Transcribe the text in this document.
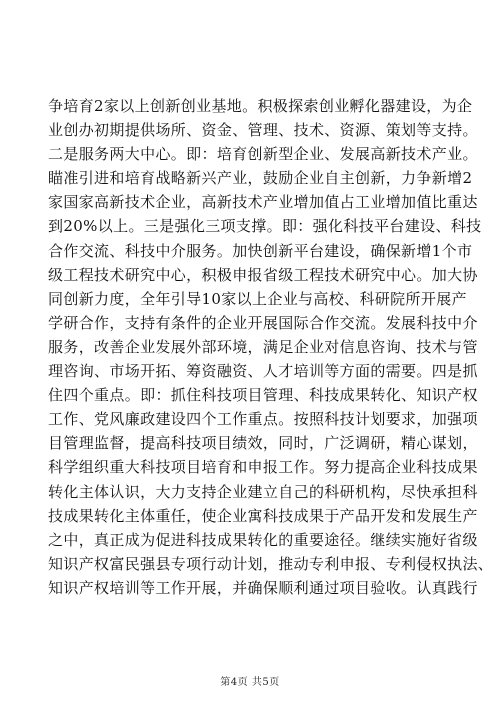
争培育2家以上创新创业基地。积极探索创业孵化器建设，为企
业创办初期提供场所、资金、管理、技术、资源、策划等支持。
二是服务两大中心。即：培育创新型企业、发展高新技术产业。
瞄准引进和培育战略新兴产业，鼓励企业自主创新，力争新增2
家国家高新技术企业，高新技术产业增加值占工业增加值比重达
到20%以上。三是强化三项支撑。即：强化科技平台建设、科技
合作交流、科技中介服务。加快创新平台建设，确保新增1个市
级工程技术研究中心，积极申报省级工程技术研究中心。加大协
同创新力度，全年引导10家以上企业与高校、科研院所开展产
学研合作，支持有条件的企业开展国际合作交流。发展科技中介
服务，改善企业发展外部环境，满足企业对信息咨询、技术与管
理咨询、市场开拓、筹资融资、人才培训等方面的需要。四是抓
住四个重点。即：抓住科技项目管理、科技成果转化、知识产权
工作、党风廉政建设四个工作重点。按照科技计划要求，加强项
目管理监督，提高科技项目绩效，同时，广泛调研，精心谋划，
科学组织重大科技项目培育和申报工作。努力提高企业科技成果
转化主体认识，大力支持企业建立自己的科研机构，尽快承担科
技成果转化主体重任，使企业寓科技成果于产品开发和发展生产
之中，真正成为促进科技成果转化的重要途径。继续实施好省级
知识产权富民强县专项行动计划，推动专利申报、专利侵权执法、
知识产权培训等工作开展，并确保顺利通过项目验收。认真践行
第4页 共5页
